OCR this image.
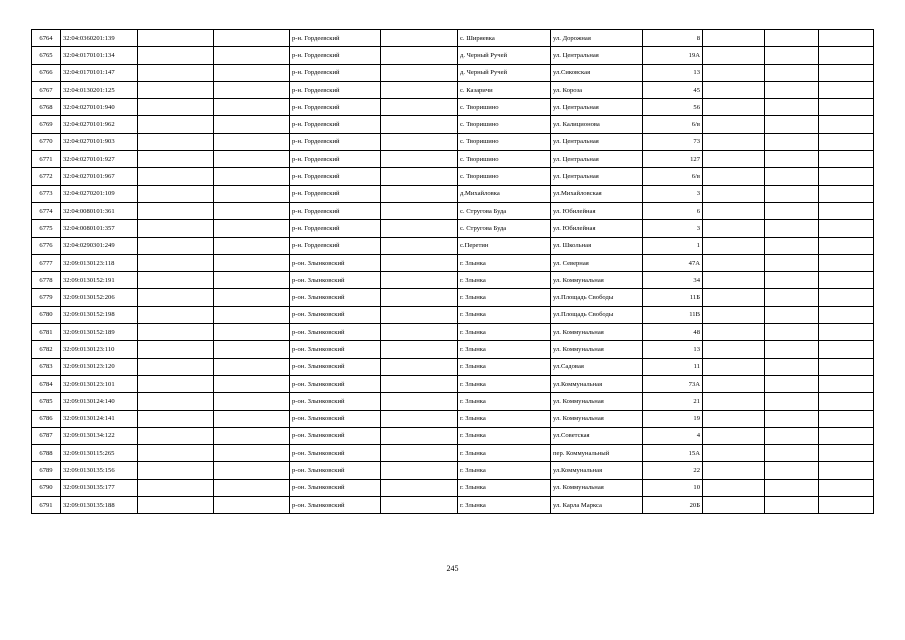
6764	32:04:0360201:139			р-н. Гордеевский		с. Ширяевка	ул. Дорожная	8			
6765	32:04:0170101:134			р-н. Гордеевский		д. Черный Ручей	ул. Центральная	19А			
6766	32:04:0170101:147			р-н. Гордеевский		д. Черный Ручей	ул.Сиковская	13			
6767	32:04:0130201:125			р-н. Гордеевский		с. Казаричи	ул. Короза	45			
6768	32:04:0270101:940			р-н. Гордеевский		с. Творишино	ул. Центральная	56			
6769	32:04:0270101:962			р-н. Гордеевский		с. Творишино	ул. Калиционова	6/в			
6770	32:04:0270101:903			р-н. Гордеевский		с. Творишино	ул. Центральная	73			
6771	32:04:0270101:927			р-н. Гордеевский		с. Творишино	ул. Центральная	127			
6772	32:04:0270101:967			р-н. Гордеевский		с. Творишино	ул. Центральная	6/в			
6773	32:04:0270201:109			р-н. Гордеевский		д.Михайловка	ул.Михайловская	3			
6774	32:04:0080101:361			р-н. Гордеевский		с. Стругова Буда	ул. Юбилейная	6			
6775	32:04:0080101:357			р-н. Гордеевский		с. Стругова Буда	ул. Юбилейная	3			
6776	32:04:0290301:249			р-н. Гордеевский		с.Перетин	ул. Школьная	1			
6777	32:09:0130123:118			р-он. Злынковский		г. Злынка	ул. Северная	47А			
6778	32:09:0130152:191			р-он. Злынковский		г. Злынка	ул. Коммунальная	34			
6779	32:09:0130152:206			р-он. Злынковский		г. Злынка	ул.Площадь Свободы	11Б			
6780	32:09:0130152:198			р-он. Злынковский		г. Злынка	ул.Площадь Свободы	11В			
6781	32:09:0130152:189			р-он. Злынковский		г. Злынка	ул. Коммунальная	48			
6782	32:09:0130123:110			р-он. Злынковский		г. Злынка	ул. Коммунальная	13			
6783	32:09:0130123:120			р-он. Злынковский		г. Злынка	ул.Садовая	11			
6784	32:09:0130123:101			р-он. Злынковский		г. Злынка	ул.Коммунальная	73А			
6785	32:09:0130124:140			р-он. Злынковский		г. Злынка	ул. Коммунальная	21			
6786	32:09:0130124:141			р-он. Злынковский		г. Злынка	ул. Коммунальная	19			
6787	32:09:0130134:122			р-он. Злынковский		г. Злынка	ул.Советская	4			
6788	32:09:0130115:265			р-он. Злынковский		г. Злынка	пер. Коммунальный	15А			
6789	32:09:0130135:156			р-он. Злынковский		г. Злынка	ул.Коммунальная	22			
6790	32:09:0130135:177			р-он. Злынковский		г. Злынка	ул. Коммунальная	10			
6791	32:09:0130135:188			р-он. Злынковский		г. Злынка	ул. Карла Маркса	20Б			
245
